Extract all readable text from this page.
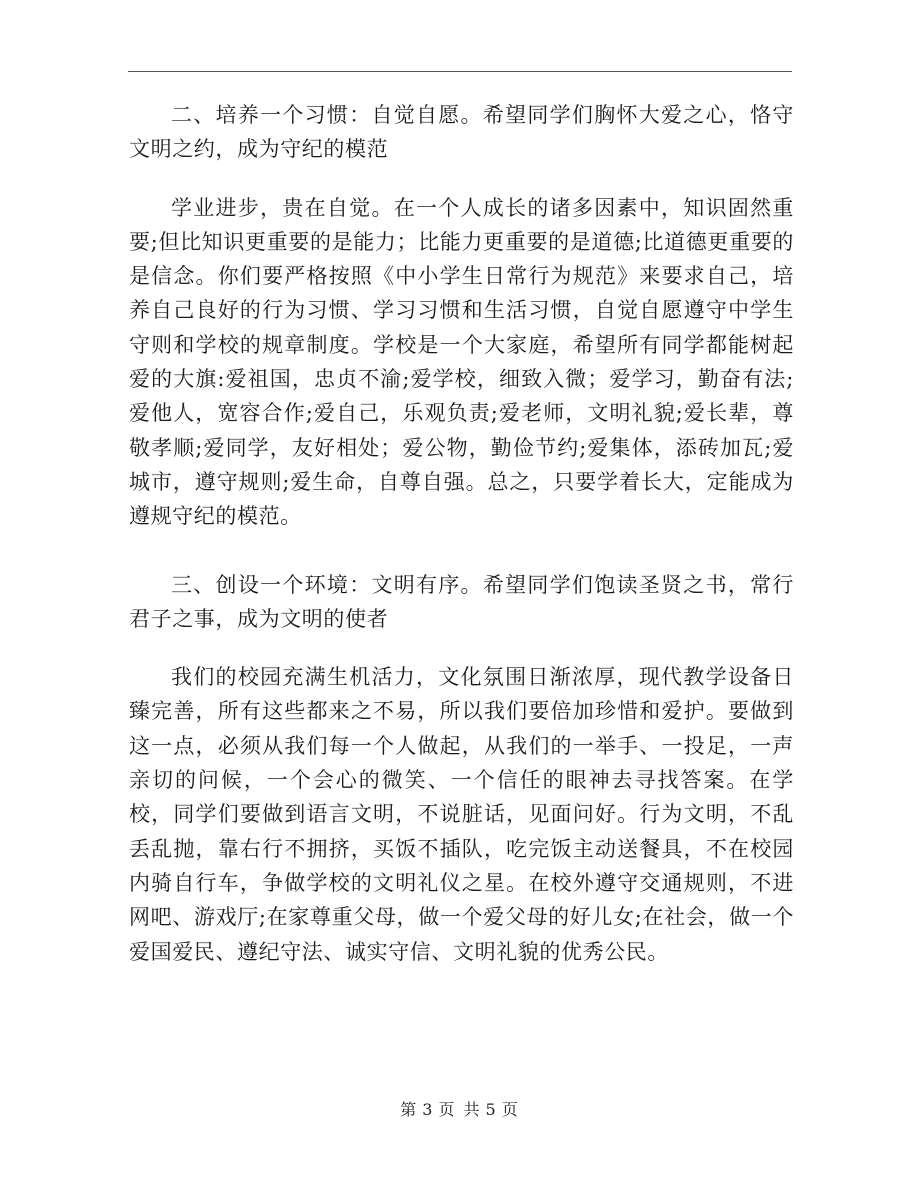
二、培养一个习惯：自觉自愿。希望同学们胸怀大爱之心，恪守文明之约，成为守纪的模范

学业进步，贵在自觉。在一个人成长的诸多因素中，知识固然重要;但比知识更重要的是能力；比能力更重要的是道德;比道德更重要的是信念。你们要严格按照《中小学生日常行为规范》来要求自己，培养自己良好的行为习惯、学习习惯和生活习惯，自觉自愿遵守中学生守则和学校的规章制度。学校是一个大家庭，希望所有同学都能树起爱的大旗:爱祖国，忠贞不渝;爱学校，细致入微；爱学习，勤奋有法;爱他人，宽容合作;爱自己，乐观负责;爱老师，文明礼貌;爱长辈，尊敬孝顺;爱同学，友好相处；爱公物，勤俭节约;爱集体，添砖加瓦;爱城市，遵守规则;爱生命，自尊自强。总之，只要学着长大，定能成为遵规守纪的模范。

三、创设一个环境：文明有序。希望同学们饱读圣贤之书，常行君子之事，成为文明的使者

我们的校园充满生机活力，文化氛围日渐浓厚，现代教学设备日臻完善，所有这些都来之不易，所以我们要倍加珍惜和爱护。要做到这一点，必须从我们每一个人做起，从我们的一举手、一投足，一声亲切的问候，一个会心的微笑、一个信任的眼神去寻找答案。在学校，同学们要做到语言文明，不说脏话，见面问好。行为文明，不乱丢乱抛，靠右行不拥挤，买饭不插队，吃完饭主动送餐具，不在校园内骑自行车，争做学校的文明礼仪之星。在校外遵守交通规则，不进网吧、游戏厅;在家尊重父母，做一个爱父母的好儿女;在社会，做一个爱国爱民、遵纪守法、诚实守信、文明礼貌的优秀公民。

第 3 页 共 5 页
